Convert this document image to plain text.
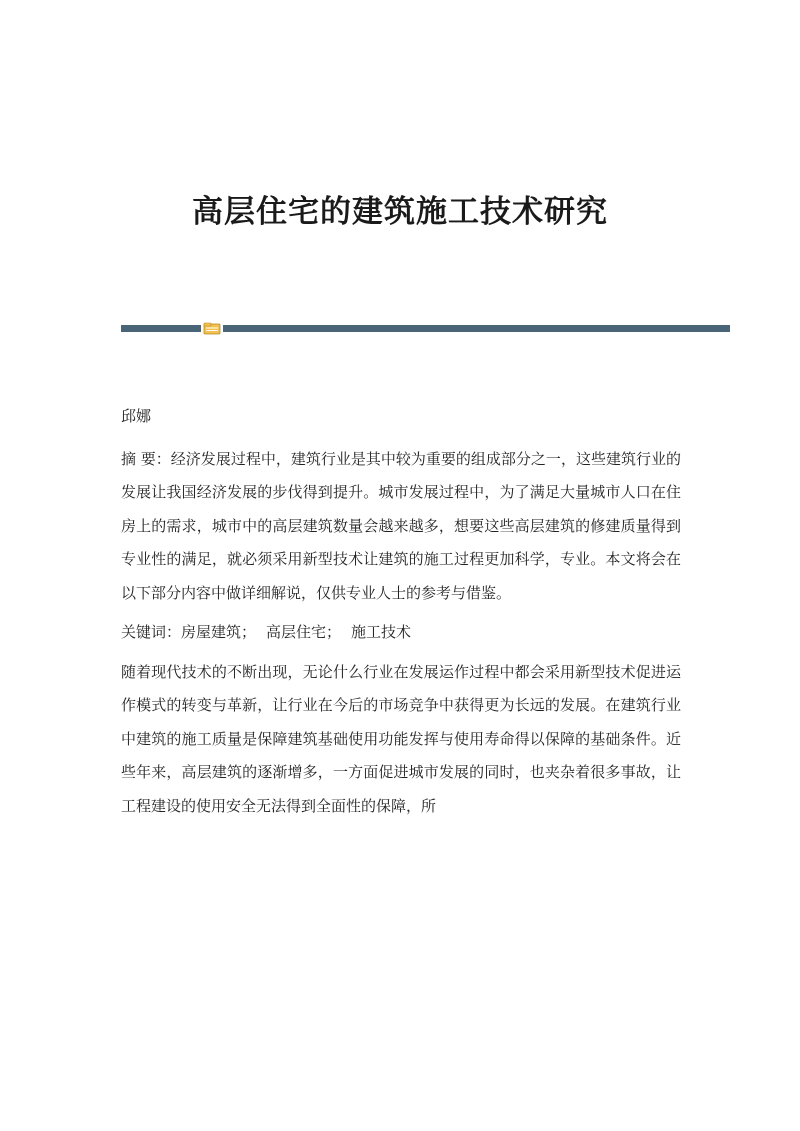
高层住宅的建筑施工技术研究

邱娜

摘 要：经济发展过程中，建筑行业是其中较为重要的组成部分之一，这些建筑行业的发展让我国经济发展的步伐得到提升。城市发展过程中，为了满足大量城市人口在住房上的需求，城市中的高层建筑数量会越来越多，想要这些高层建筑的修建质量得到专业性的满足，就必须采用新型技术让建筑的施工过程更加科学，专业。本文将会在以下部分内容中做详细解说，仅供专业人士的参考与借鉴。

关键词：房屋建筑； 高层住宅； 施工技术

随着现代技术的不断出现，无论什么行业在发展运作过程中都会采用新型技术促进运作模式的转变与革新，让行业在今后的市场竞争中获得更为长远的发展。在建筑行业中建筑的施工质量是保障建筑基础使用功能发挥与使用寿命得以保障的基础条件。近些年来，高层建筑的逐渐增多，一方面促进城市发展的同时，也夹杂着很多事故，让工程建设的使用安全无法得到全面性的保障，所
